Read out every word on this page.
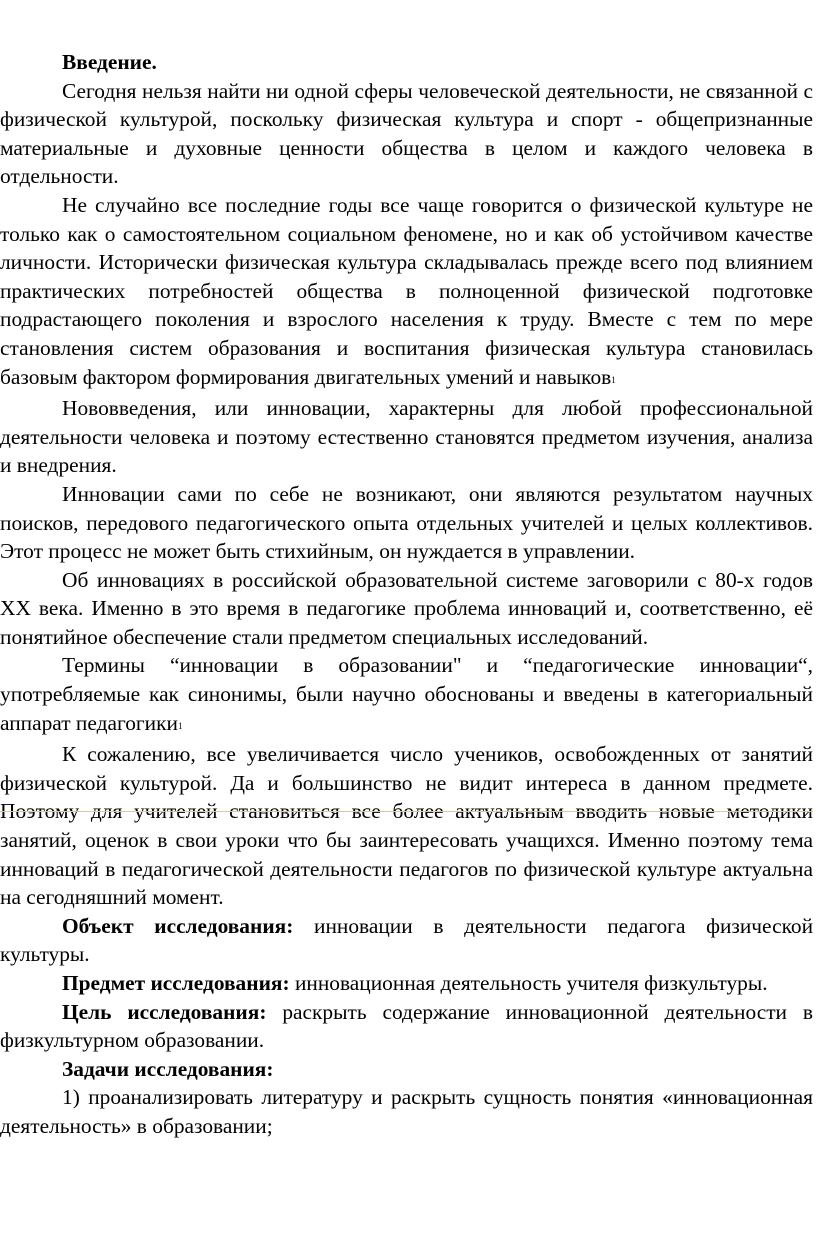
Введение.

Сегодня нельзя найти ни одной сферы человеческой деятельности, не связанной с физической культурой, поскольку физическая культура и спорт - общепризнанные материальные и духовные ценности общества в целом и каждого человека в отдельности.

Не случайно все последние годы все чаще говорится о физической культуре не только как о самостоятельном социальном феномене, но и как об устойчивом качестве личности. Исторически физическая культура складывалась прежде всего под влиянием практических потребностей общества в полноценной физической подготовке подрастающего поколения и взрослого населения к труду. Вместе с тем по мере становления систем образования и воспитания физическая культура становилась базовым фактором формирования двигательных умений и навыков1

Нововведения, или инновации, характерны для любой профессиональной деятельности человека и поэтому естественно становятся предметом изучения, анализа и внедрения.

Инновации сами по себе не возникают, они являются результатом научных поисков, передового педагогического опыта отдельных учителей и целых коллективов. Этот процесс не может быть стихийным, он нуждается в управлении.

Об инновациях в российской образовательной системе заговорили с 80-х годов XX века. Именно в это время в педагогике проблема инноваций и, соответственно, её понятийное обеспечение стали предметом специальных исследований.

Термины “инновации в образовании" и “педагогические инновации“, употребляемые как синонимы, были научно обоснованы и введены в категориальный аппарат педагогики1

К сожалению, все увеличивается число учеников, освобожденных от занятий физической культурой. Да и большинство не видит интереса в данном предмете. Поэтому для учителей становиться все более актуальным вводить новые методики занятий, оценок в свои уроки что бы заинтересовать учащихся. Именно поэтому тема инноваций в педагогической деятельности педагогов по физической культуре актуальна на сегодняшний момент.

Объект исследования: инновации в деятельности педагога физической культуры.

Предмет исследования: инновационная деятельность учителя физкультуры.

Цель исследования: раскрыть содержание инновационной деятельности в физкультурном образовании.

Задачи исследования:

1) проанализировать литературу и раскрыть сущность понятия «инновационная деятельность» в образовании;
